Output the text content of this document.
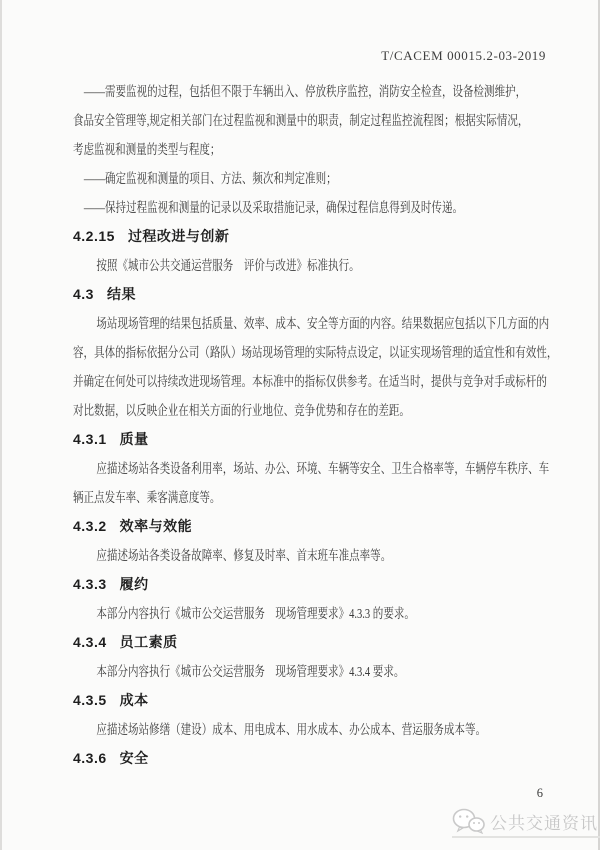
T/CACEM 00015.2-03-2019
——需要监视的过程，包括但不限于车辆出入、停放秩序监控，消防安全检查，设备检测维护，
食品安全管理等,规定相关部门在过程监视和测量中的职责，制定过程监控流程图；根据实际情况，
考虑监视和测量的类型与程度；
——确定监视和测量的项目、方法、频次和判定准则；
——保持过程监视和测量的记录以及采取措施记录，确保过程信息得到及时传递。
4.2.15 过程改进与创新
按照《城市公共交通运营服务　评价与改进》标准执行。
4.3 结果
场站现场管理的结果包括质量、效率、成本、安全等方面的内容。结果数据应包括以下几方面的内
容，具体的指标依据分公司（路队）场站现场管理的实际特点设定，以证实现场管理的适宜性和有效性，
并确定在何处可以持续改进现场管理。本标准中的指标仅供参考。在适当时，提供与竞争对手或标杆的
对比数据，以反映企业在相关方面的行业地位、竞争优势和存在的差距。
4.3.1 质量
应描述场站各类设备利用率，场站、办公、环境、车辆等安全、卫生合格率等，车辆停车秩序、车
辆正点发车率、乘客满意度等。
4.3.2 效率与效能
应描述场站各类设备故障率、修复及时率、首末班车准点率等。
4.3.3 履约
本部分内容执行《城市公交运营服务　现场管理要求》4.3.3 的要求。
4.3.4 员工素质
本部分内容执行《城市公交运营服务　现场管理要求》4.3.4 要求。
4.3.5 成本
应描述场站修缮（建设）成本、用电成本、用水成本、办公成本、营运服务成本等。
4.3.6 安全
6
公共交通资讯
